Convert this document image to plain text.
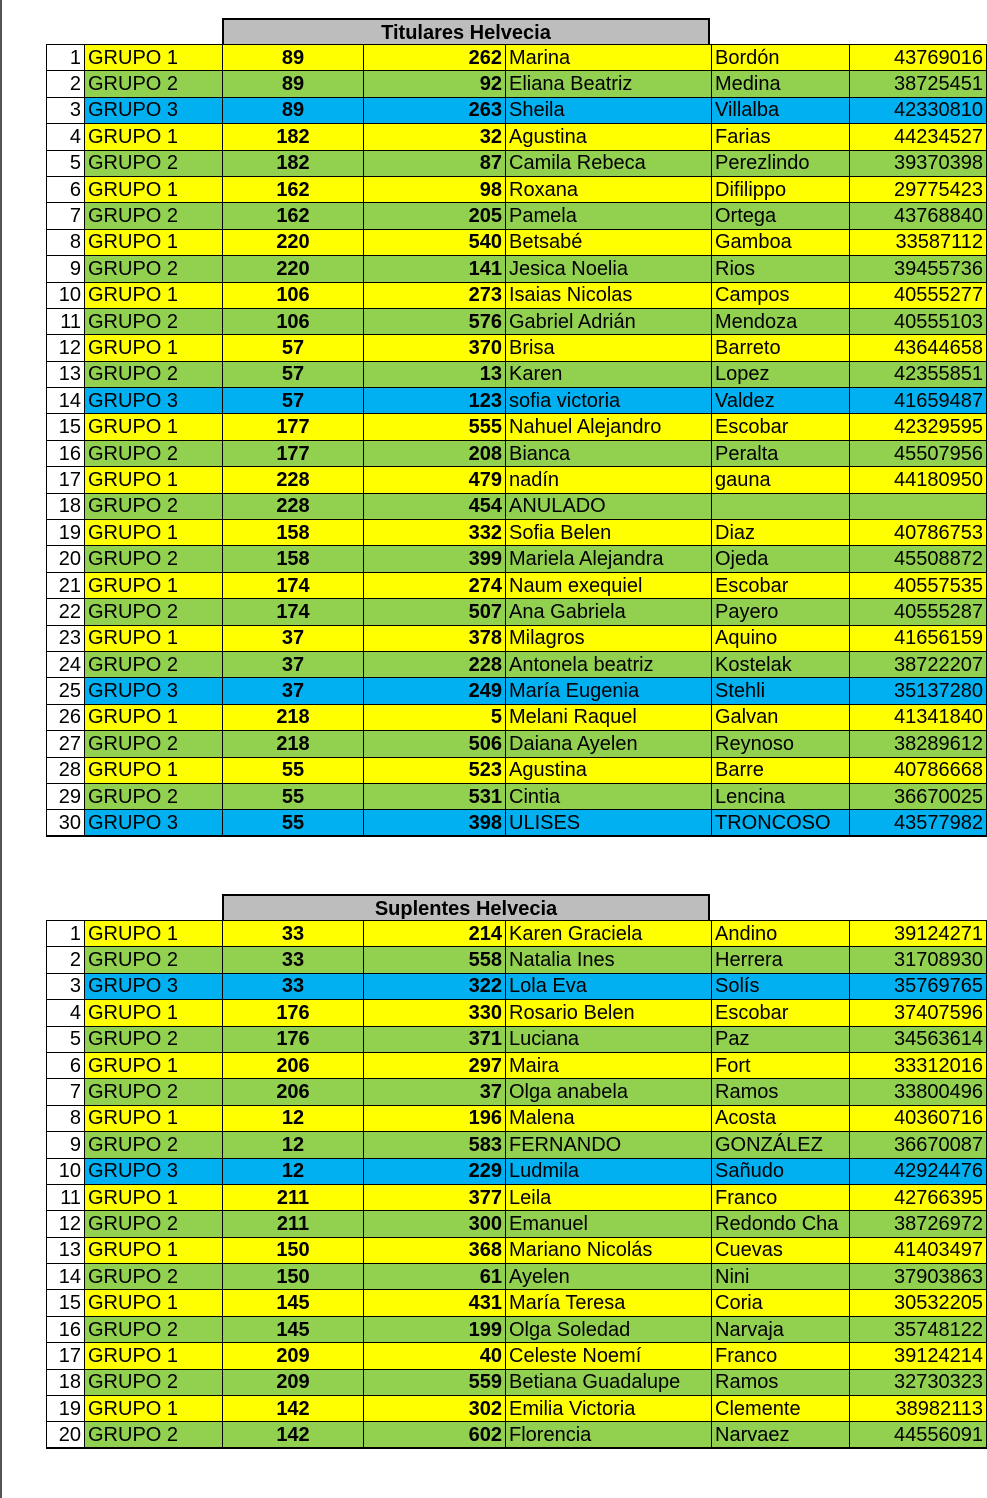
Titulares Helvecia
1	GRUPO 1	89	262	Marina	Bordón	43769016
2	GRUPO 2	89	92	Eliana Beatriz	Medina	38725451
3	GRUPO 3	89	263	Sheila	Villalba	42330810
4	GRUPO 1	182	32	Agustina	Farias	44234527
5	GRUPO 2	182	87	Camila Rebeca	Perezlindo	39370398
6	GRUPO 1	162	98	Roxana	Difilippo	29775423
7	GRUPO 2	162	205	Pamela	Ortega	43768840
8	GRUPO 1	220	540	Betsabé	Gamboa	33587112
9	GRUPO 2	220	141	Jesica Noelia	Rios	39455736
10	GRUPO 1	106	273	Isaias Nicolas	Campos	40555277
11	GRUPO 2	106	576	Gabriel Adrián	Mendoza	40555103
12	GRUPO 1	57	370	Brisa	Barreto	43644658
13	GRUPO 2	57	13	Karen	Lopez	42355851
14	GRUPO 3	57	123	sofia victoria	Valdez	41659487
15	GRUPO 1	177	555	Nahuel Alejandro	Escobar	42329595
16	GRUPO 2	177	208	Bianca	Peralta	45507956
17	GRUPO 1	228	479	nadín	gauna	44180950
18	GRUPO 2	228	454	ANULADO		
19	GRUPO 1	158	332	Sofia Belen	Diaz	40786753
20	GRUPO 2	158	399	Mariela Alejandra	Ojeda	45508872
21	GRUPO 1	174	274	Naum exequiel	Escobar	40557535
22	GRUPO 2	174	507	Ana Gabriela	Payero	40555287
23	GRUPO 1	37	378	Milagros	Aquino	41656159
24	GRUPO 2	37	228	Antonela beatriz	Kostelak	38722207
25	GRUPO 3	37	249	María Eugenia	Stehli	35137280
26	GRUPO 1	218	5	Melani Raquel	Galvan	41341840
27	GRUPO 2	218	506	Daiana Ayelen	Reynoso	38289612
28	GRUPO 1	55	523	Agustina	Barre	40786668
29	GRUPO 2	55	531	Cintia	Lencina	36670025
30	GRUPO 3	55	398	ULISES	TRONCOSO	43577982
Suplentes Helvecia
1	GRUPO 1	33	214	Karen Graciela	Andino	39124271
2	GRUPO 2	33	558	Natalia Ines	Herrera	31708930
3	GRUPO 3	33	322	Lola Eva	Solís	35769765
4	GRUPO 1	176	330	Rosario Belen	Escobar	37407596
5	GRUPO 2	176	371	Luciana	Paz	34563614
6	GRUPO 1	206	297	Maira	Fort	33312016
7	GRUPO 2	206	37	Olga anabela	Ramos	33800496
8	GRUPO 1	12	196	Malena	Acosta	40360716
9	GRUPO 2	12	583	FERNANDO	GONZÁLEZ	36670087
10	GRUPO 3	12	229	Ludmila	Sañudo	42924476
11	GRUPO 1	211	377	Leila	Franco	42766395
12	GRUPO 2	211	300	Emanuel	Redondo Cha	38726972
13	GRUPO 1	150	368	Mariano Nicolás	Cuevas	41403497
14	GRUPO 2	150	61	Ayelen	Nini	37903863
15	GRUPO 1	145	431	María Teresa	Coria	30532205
16	GRUPO 2	145	199	Olga Soledad	Narvaja	35748122
17	GRUPO 1	209	40	Celeste Noemí	Franco	39124214
18	GRUPO 2	209	559	Betiana Guadalupe	Ramos	32730323
19	GRUPO 1	142	302	Emilia Victoria	Clemente	38982113
20	GRUPO 2	142	602	Florencia	Narvaez	44556091
